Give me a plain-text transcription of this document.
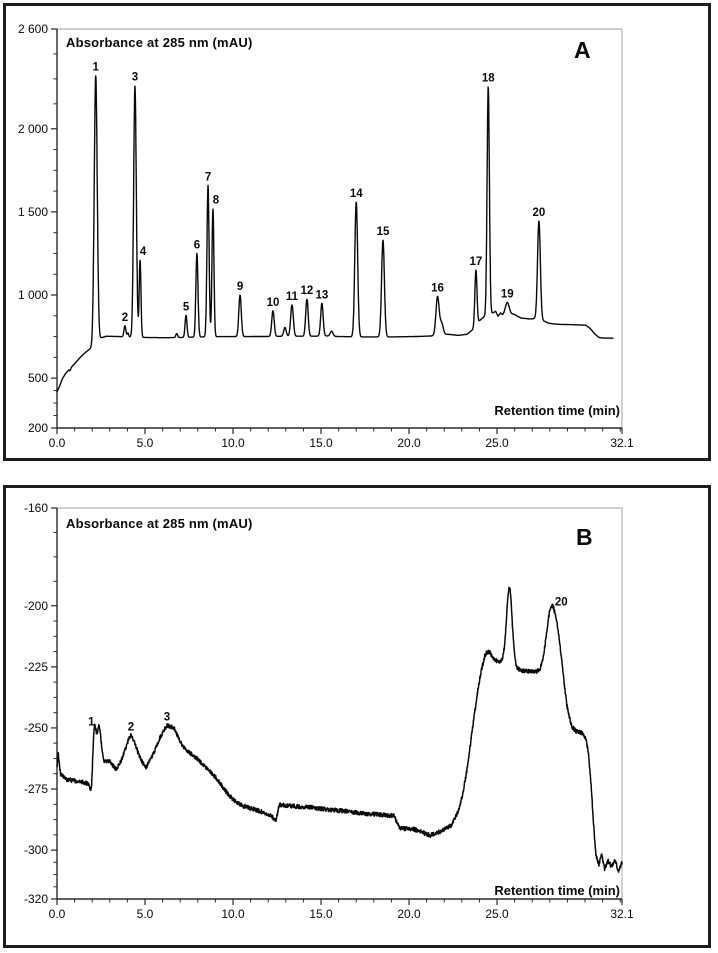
2 600
2 000
1 500
1 000
500
200
0.0	5.0	10.0	15.0	20.0	25.0	32.1
1
2
3
4
5
6
7
8
9
10 11 12 13
14
15
16
17
18
19
20
-160
-200
-225
-250
-275
-300
-320
0.0	5.0	10.0	15.0	20.0	25.0	32.1
1	2
3
20
Absorbance at 285 nm (mAU)	A
Retention time (min)
Absorbance at 285 nm (mAU)
B
Retention time (min)
